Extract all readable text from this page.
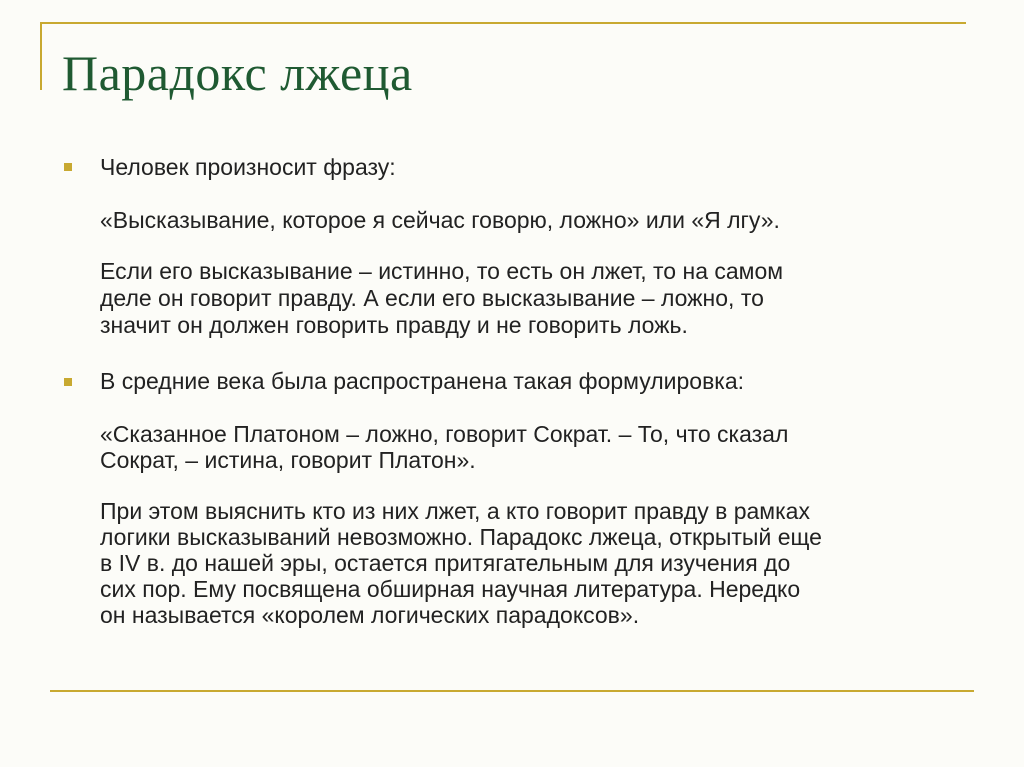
Парадокс лжеца

Человек произносит фразу:

«Высказывание, которое я сейчас говорю, ложно» или «Я лгу».

Если его высказывание – истинно, то есть он лжет, то на самом

деле он говорит правду. А если его высказывание – ложно, то

значит он должен говорить правду и не говорить ложь.

В средние века была распространена такая формулировка:

«Сказанное Платоном – ложно, говорит Сократ. – То, что сказал

Сократ, – истина, говорит Платон».

При этом выяснить кто из них лжет, а кто говорит правду в рамках

логики высказываний невозможно. Парадокс лжеца, открытый еще

в IV в. до нашей эры, остается притягательным для изучения до

сих пор. Ему посвящена обширная научная литература. Нередко

он называется «королем логических парадоксов».
